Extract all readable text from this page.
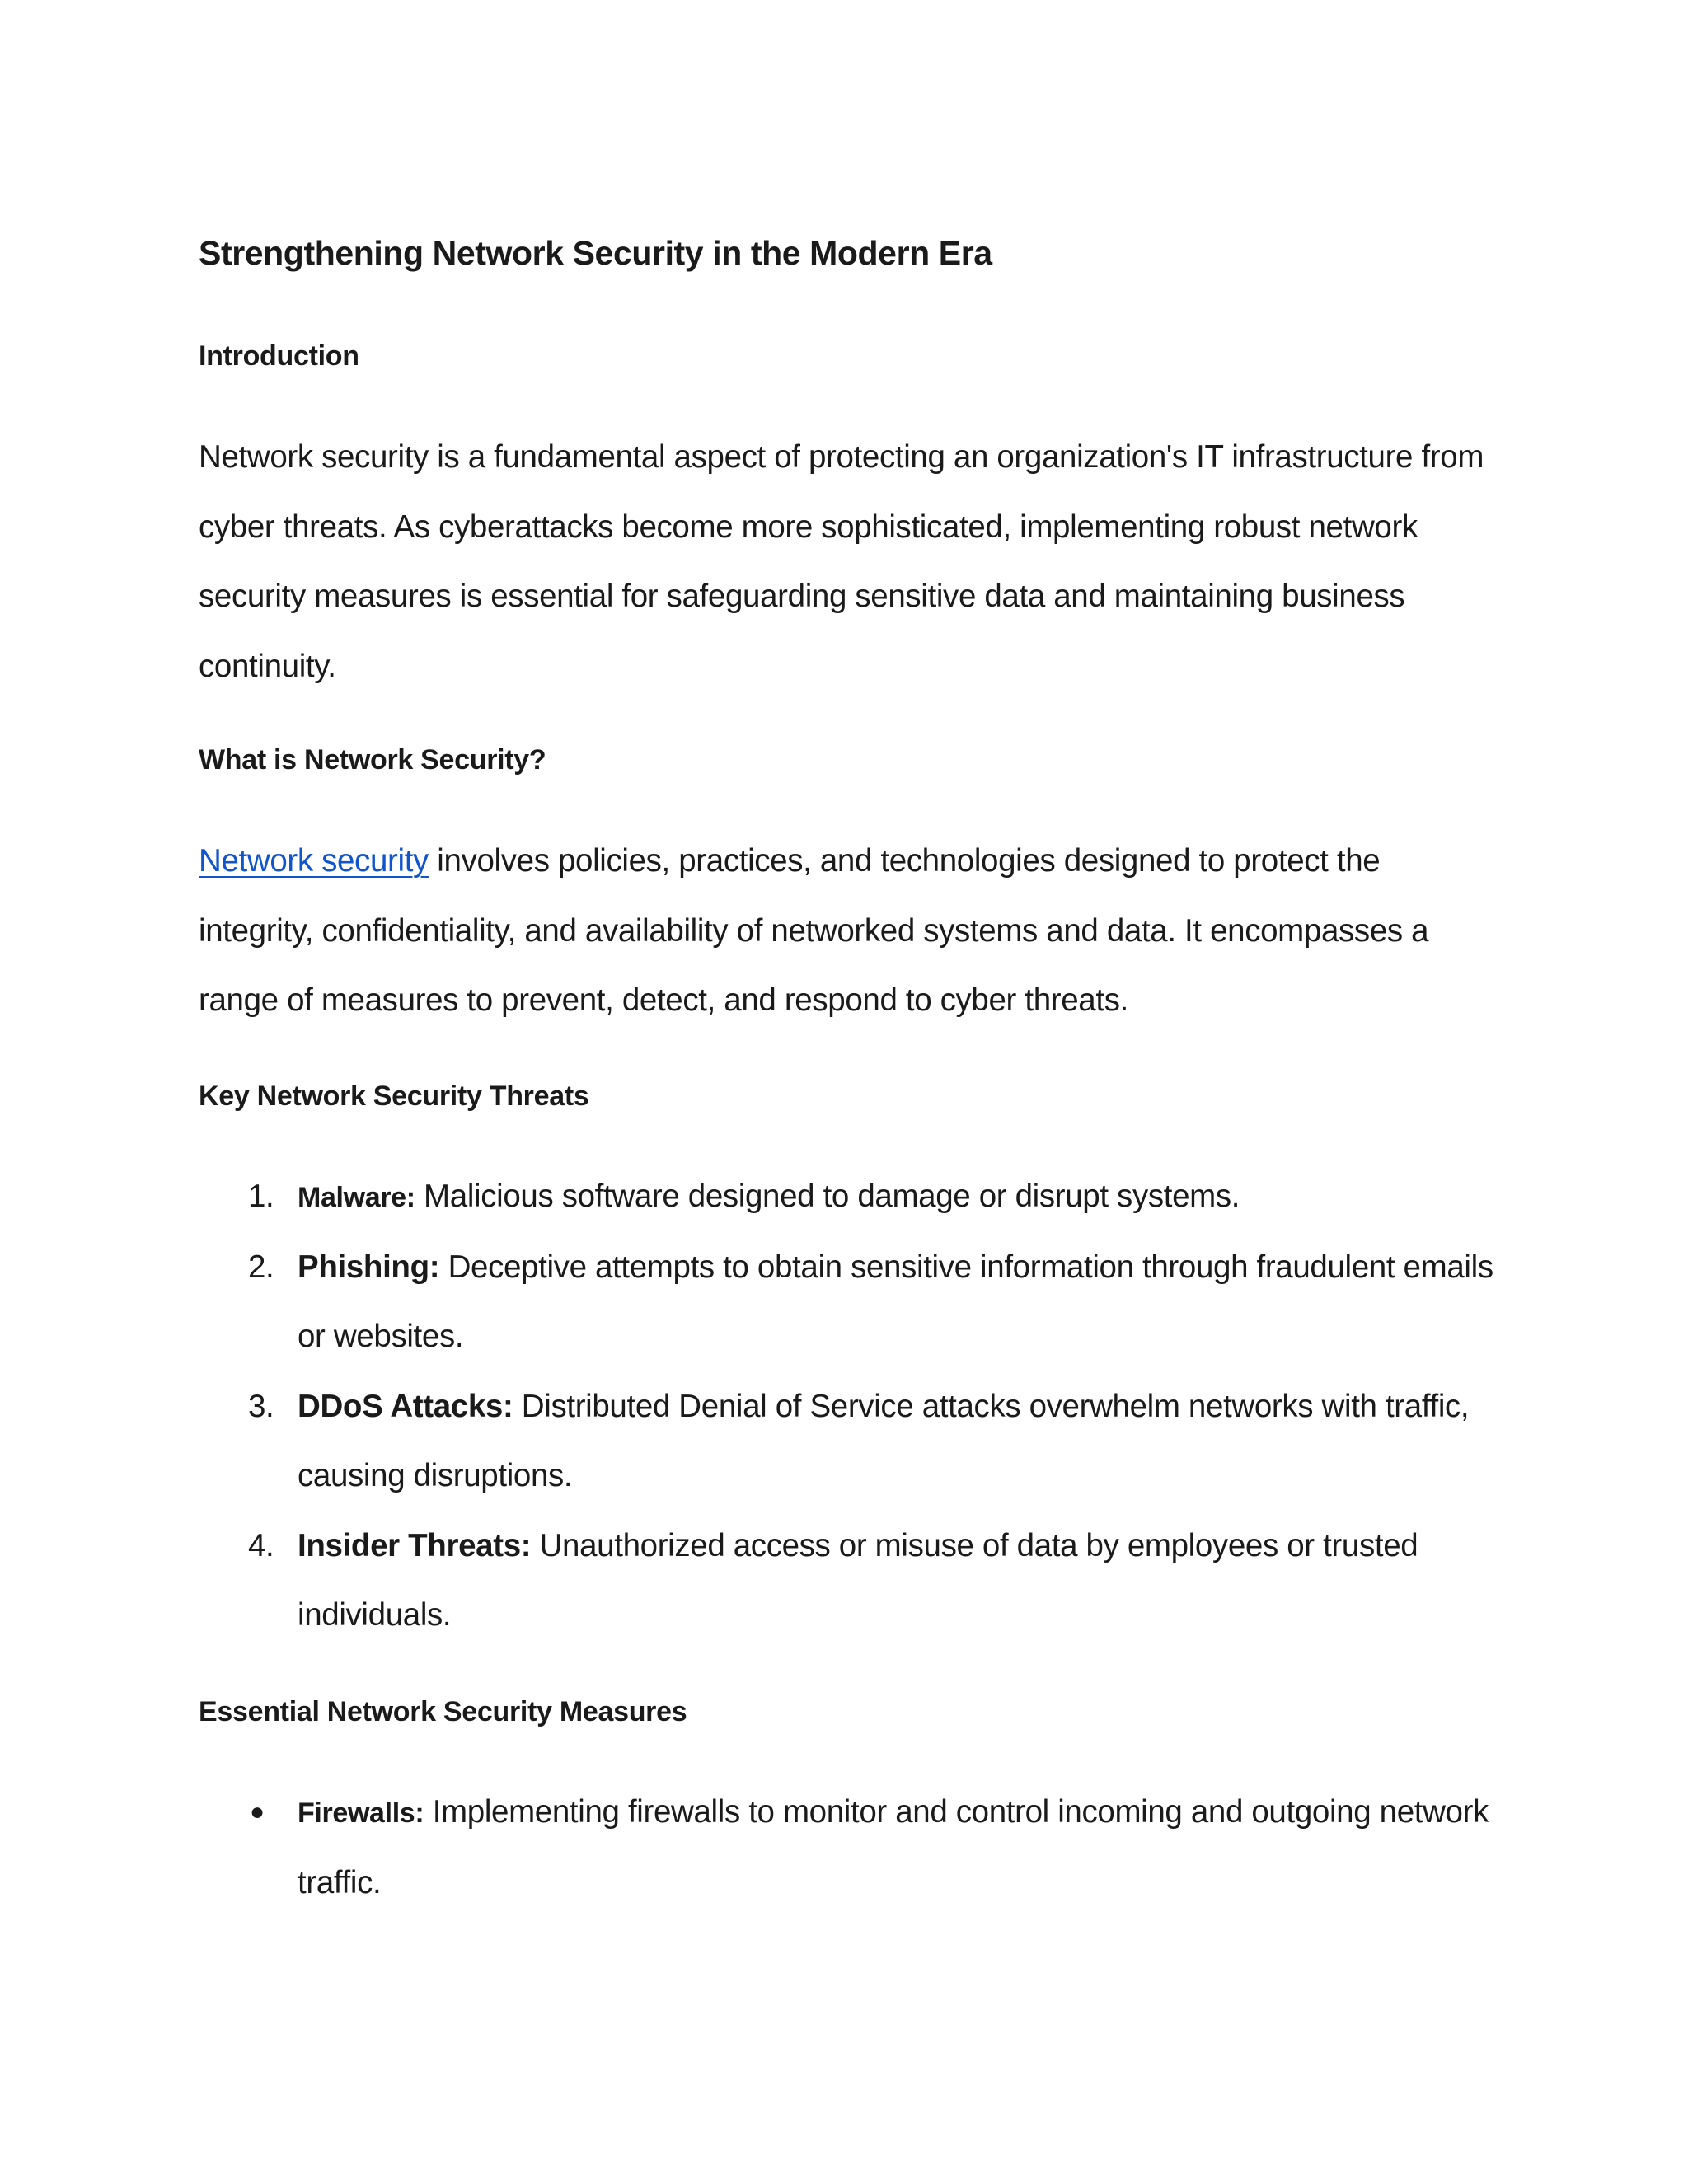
Strengthening Network Security in the Modern Era
Introduction

Network security is a fundamental aspect of protecting an organization's IT infrastructure from cyber threats. As cyberattacks become more sophisticated, implementing robust network security measures is essential for safeguarding sensitive data and maintaining business continuity.

What is Network Security?

Network security involves policies, practices, and technologies designed to protect the integrity, confidentiality, and availability of networked systems and data. It encompasses a range of measures to prevent, detect, and respond to cyber threats.

Key Network Security Threats
1. Malware: Malicious software designed to damage or disrupt systems.
2. Phishing: Deceptive attempts to obtain sensitive information through fraudulent emails or websites.
3. DDoS Attacks: Distributed Denial of Service attacks overwhelm networks with traffic, causing disruptions.
4. Insider Threats: Unauthorized access or misuse of data by employees or trusted individuals.
Essential Network Security Measures
● Firewalls: Implementing firewalls to monitor and control incoming and outgoing network traffic.
